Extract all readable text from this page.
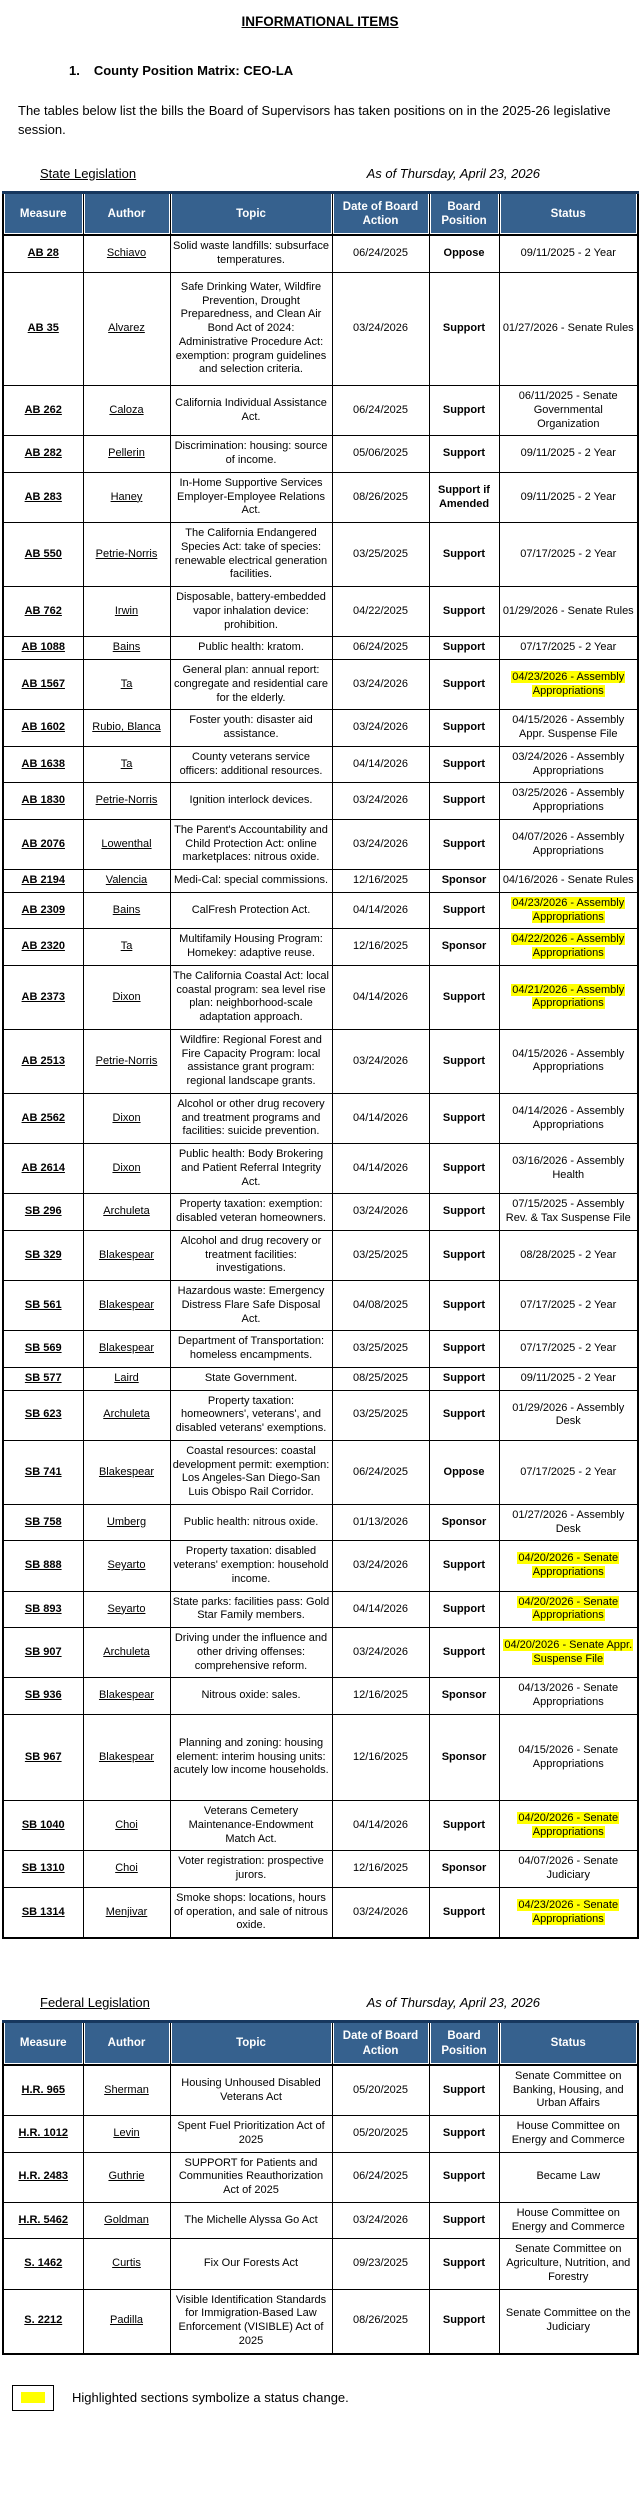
INFORMATIONAL ITEMS
1. County Position Matrix: CEO-LA

The tables below list the bills the Board of Supervisors has taken positions on in the 2025-26 legislative session.

State Legislation	As of Thursday, April 23, 2026
Measure	Author	Topic	Date of Board Action	Board Position	Status
AB 28	Schiavo	Solid waste landfills: subsurface temperatures.	06/24/2025	Oppose	09/11/2025 - 2 Year
AB 35	Alvarez	Safe Drinking Water, Wildfire Prevention, Drought Preparedness, and Clean Air Bond Act of 2024: Administrative Procedure Act: exemption: program guidelines and selection criteria.	03/24/2026	Support	01/27/2026 - Senate Rules
AB 262	Caloza	California Individual Assistance Act.	06/24/2025	Support	06/11/2025 - Senate Governmental Organization
AB 282	Pellerin	Discrimination: housing: source of income.	05/06/2025	Support	09/11/2025 - 2 Year
AB 283	Haney	In-Home Supportive Services Employer-Employee Relations Act.	08/26/2025	Support if Amended	09/11/2025 - 2 Year
AB 550	Petrie-Norris	The California Endangered Species Act: take of species: renewable electrical generation facilities.	03/25/2025	Support	07/17/2025 - 2 Year
AB 762	Irwin	Disposable, battery-embedded vapor inhalation device: prohibition.	04/22/2025	Support	01/29/2026 - Senate Rules
AB 1088	Bains	Public health: kratom.	06/24/2025	Support	07/17/2025 - 2 Year
AB 1567	Ta	General plan: annual report: congregate and residential care for the elderly.	03/24/2026	Support	04/23/2026 - Assembly Appropriations
AB 1602	Rubio, Blanca	Foster youth: disaster aid assistance.	03/24/2026	Support	04/15/2026 - Assembly Appr. Suspense File
AB 1638	Ta	County veterans service officers: additional resources.	04/14/2026	Support	03/24/2026 - Assembly Appropriations
AB 1830	Petrie-Norris	Ignition interlock devices.	03/24/2026	Support	03/25/2026 - Assembly Appropriations
AB 2076	Lowenthal	The Parent's Accountability and Child Protection Act: online marketplaces: nitrous oxide.	03/24/2026	Support	04/07/2026 - Assembly Appropriations
AB 2194	Valencia	Medi-Cal: special commissions.	12/16/2025	Sponsor	04/16/2026 - Senate Rules
AB 2309	Bains	CalFresh Protection Act.	04/14/2026	Support	04/23/2026 - Assembly Appropriations
AB 2320	Ta	Multifamily Housing Program: Homekey: adaptive reuse.	12/16/2025	Sponsor	04/22/2026 - Assembly Appropriations
AB 2373	Dixon	The California Coastal Act: local coastal program: sea level rise plan: neighborhood-scale adaptation approach.	04/14/2026	Support	04/21/2026 - Assembly Appropriations
AB 2513	Petrie-Norris	Wildfire: Regional Forest and Fire Capacity Program: local assistance grant program: regional landscape grants.	03/24/2026	Support	04/15/2026 - Assembly Appropriations
AB 2562	Dixon	Alcohol or other drug recovery and treatment programs and facilities: suicide prevention.	04/14/2026	Support	04/14/2026 - Assembly Appropriations
AB 2614	Dixon	Public health: Body Brokering and Patient Referral Integrity Act.	04/14/2026	Support	03/16/2026 - Assembly Health
SB 296	Archuleta	Property taxation: exemption: disabled veteran homeowners.	03/24/2026	Support	07/15/2025 - Assembly Rev. & Tax Suspense File
SB 329	Blakespear	Alcohol and drug recovery or treatment facilities: investigations.	03/25/2025	Support	08/28/2025 - 2 Year
SB 561	Blakespear	Hazardous waste: Emergency Distress Flare Safe Disposal Act.	04/08/2025	Support	07/17/2025 - 2 Year
SB 569	Blakespear	Department of Transportation: homeless encampments.	03/25/2025	Support	07/17/2025 - 2 Year
SB 577	Laird	State Government.	08/25/2025	Support	09/11/2025 - 2 Year
SB 623	Archuleta	Property taxation: homeowners', veterans', and disabled veterans' exemptions.	03/25/2025	Support	01/29/2026 - Assembly Desk
SB 741	Blakespear	Coastal resources: coastal development permit: exemption: Los Angeles-San Diego-San Luis Obispo Rail Corridor.	06/24/2025	Oppose	07/17/2025 - 2 Year
SB 758	Umberg	Public health: nitrous oxide.	01/13/2026	Sponsor	01/27/2026 - Assembly Desk
SB 888	Seyarto	Property taxation: disabled veterans' exemption: household income.	03/24/2026	Support	04/20/2026 - Senate Appropriations
SB 893	Seyarto	State parks: facilities pass: Gold Star Family members.	04/14/2026	Support	04/20/2026 - Senate Appropriations
SB 907	Archuleta	Driving under the influence and other driving offenses: comprehensive reform.	03/24/2026	Support	04/20/2026 - Senate Appr. Suspense File
SB 936	Blakespear	Nitrous oxide: sales.	12/16/2025	Sponsor	04/13/2026 - Senate Appropriations
SB 967	Blakespear	Planning and zoning: housing element: interim housing units: acutely low income households.	12/16/2025	Sponsor	04/15/2026 - Senate Appropriations
SB 1040	Choi	Veterans Cemetery Maintenance-Endowment Match Act.	04/14/2026	Support	04/20/2026 - Senate Appropriations
SB 1310	Choi	Voter registration: prospective jurors.	12/16/2025	Sponsor	04/07/2026 - Senate Judiciary
SB 1314	Menjivar	Smoke shops: locations, hours of operation, and sale of nitrous oxide.	03/24/2026	Support	04/23/2026 - Senate Appropriations
Federal Legislation	As of Thursday, April 23, 2026
Measure	Author	Topic	Date of Board Action	Board Position	Status
H.R. 965	Sherman	Housing Unhoused Disabled Veterans Act	05/20/2025	Support	Senate Committee on Banking, Housing, and Urban Affairs
H.R. 1012	Levin	Spent Fuel Prioritization Act of 2025	05/20/2025	Support	House Committee on Energy and Commerce
H.R. 2483	Guthrie	SUPPORT for Patients and Communities Reauthorization Act of 2025	06/24/2025	Support	Became Law
H.R. 5462	Goldman	The Michelle Alyssa Go Act	03/24/2026	Support	House Committee on Energy and Commerce
S. 1462	Curtis	Fix Our Forests Act	09/23/2025	Support	Senate Committee on Agriculture, Nutrition, and Forestry
S. 2212	Padilla	Visible Identification Standards for Immigration-Based Law Enforcement (VISIBLE) Act of 2025	08/26/2025	Support	Senate Committee on the Judiciary
Highlighted sections symbolize a status change.
